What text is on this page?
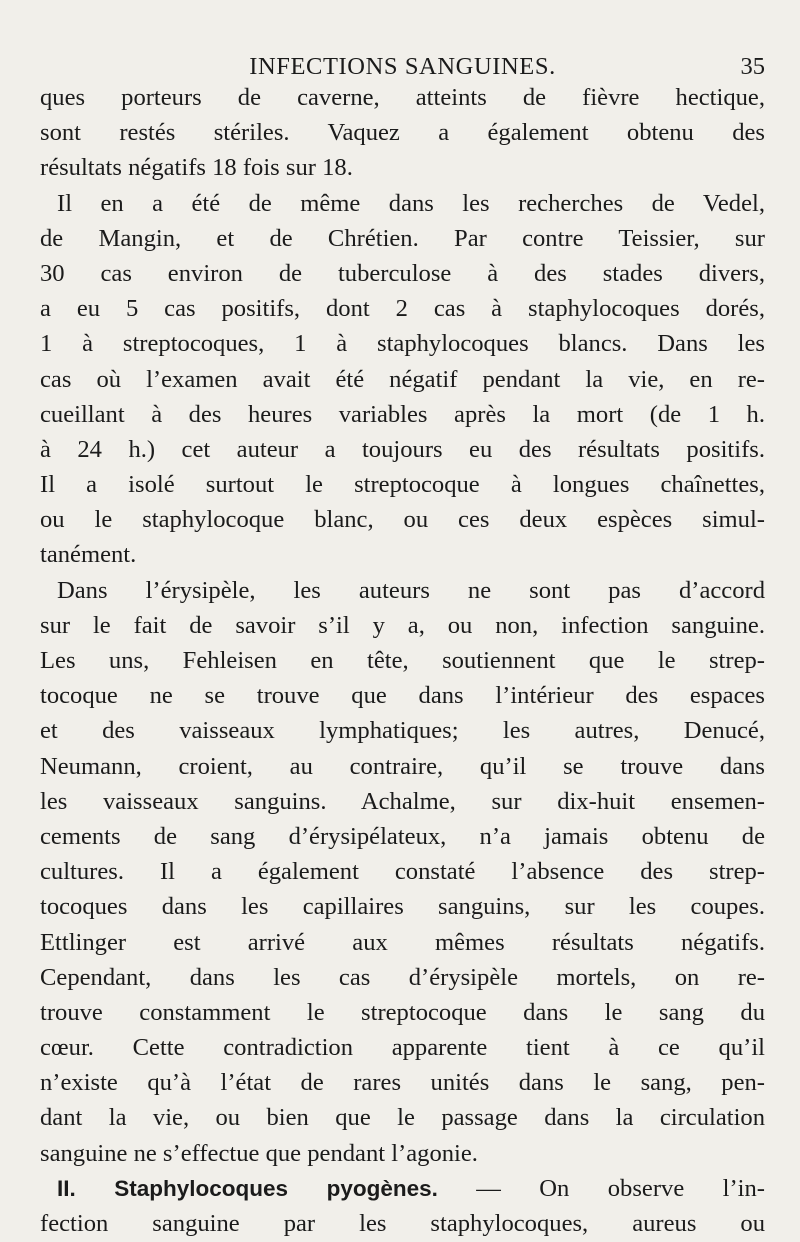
INFECTIONS SANGUINES.	35
ques porteurs de caverne, atteints de fièvre hectique,
sont restés stériles. Vaquez a également obtenu des
résultats négatifs 18 fois sur 18.
Il en a été de même dans les recherches de Vedel,
de Mangin, et de Chrétien. Par contre Teissier, sur
30 cas environ de tuberculose à des stades divers,
a eu 5 cas positifs, dont 2 cas à staphylocoques dorés,
1 à streptocoques, 1 à staphylocoques blancs. Dans les
cas où l’examen avait été négatif pendant la vie, en re-
cueillant à des heures variables après la mort (de 1 h.
à 24 h.) cet auteur a toujours eu des résultats positifs.
Il a isolé surtout le streptocoque à longues chaînettes,
ou le staphylocoque blanc, ou ces deux espèces simul-
tanément.
Dans l’érysipèle, les auteurs ne sont pas d’accord
sur le fait de savoir s’il y a, ou non, infection sanguine.
Les uns, Fehleisen en tête, soutiennent que le strep-
tocoque ne se trouve que dans l’intérieur des espaces
et des vaisseaux lymphatiques; les autres, Denucé,
Neumann, croient, au contraire, qu’il se trouve dans
les vaisseaux sanguins. Achalme, sur dix-huit ensemen-
cements de sang d’érysipélateux, n’a jamais obtenu de
cultures. Il a également constaté l’absence des strep-
tocoques dans les capillaires sanguins, sur les coupes.
Ettlinger est arrivé aux mêmes résultats négatifs.
Cependant, dans les cas d’érysipèle mortels, on re-
trouve constamment le streptocoque dans le sang du
cœur. Cette contradiction apparente tient à ce qu’il
n’existe qu’à l’état de rares unités dans le sang, pen-
dant la vie, ou bien que le passage dans la circulation
sanguine ne s’effectue que pendant l’agonie.
II. Staphylocoques pyogènes. — On observe l’in-
fection sanguine par les staphylocoques, aureus ou
